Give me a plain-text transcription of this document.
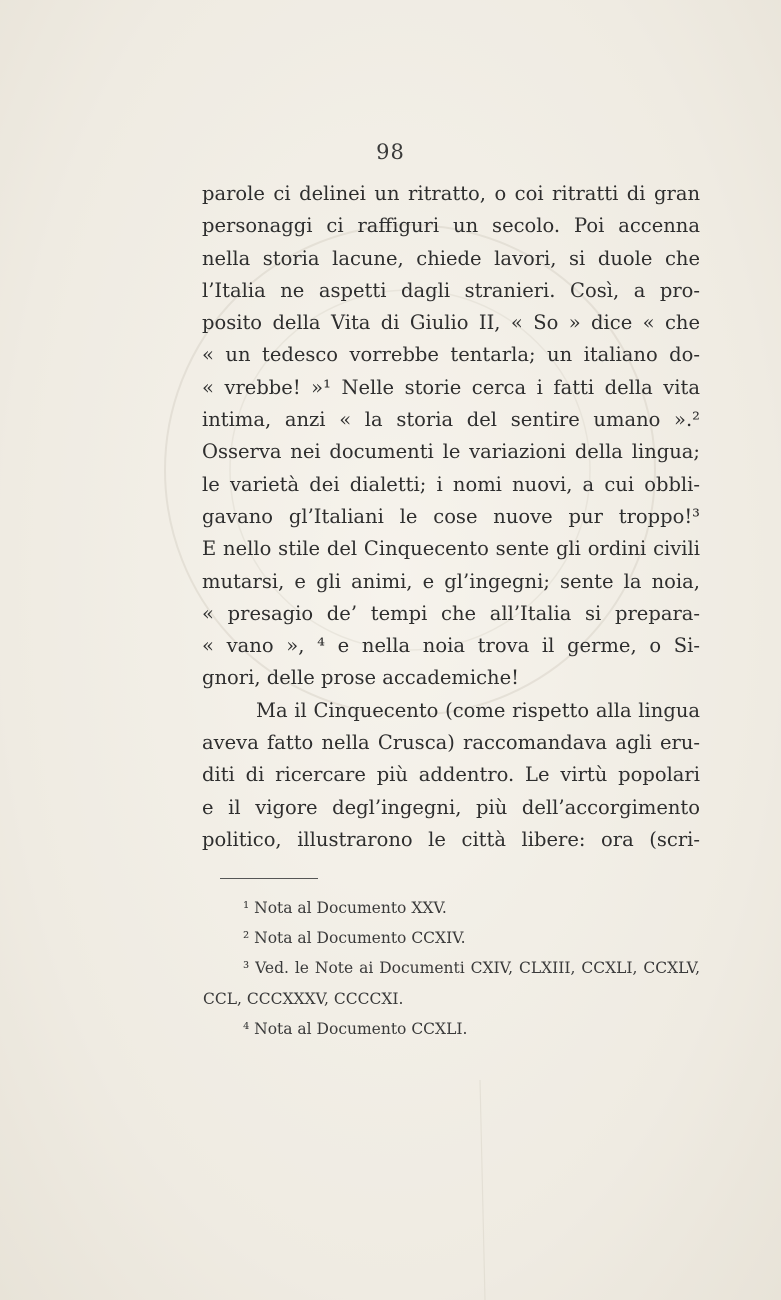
98
parole ci delinei un ritratto, o coi ritratti di gran
personaggi ci raffiguri un secolo. Poi accenna
nella storia lacune, chiede lavori, si duole che
l’Italia ne aspetti dagli stranieri. Così, a pro-
posito della Vita di Giulio II, « So » dice « che
« un tedesco vorrebbe tentarla; un italiano do-
« vrebbe! »¹ Nelle storie cerca i fatti della vita
intima, anzi « la storia del sentire umano ».²
Osserva nei documenti le variazioni della lingua;
le varietà dei dialetti; i nomi nuovi, a cui obbli-
gavano gl’Italiani le cose nuove pur troppo!³
E nello stile del Cinquecento sente gli ordini civili
mutarsi, e gli animi, e gl’ingegni; sente la noia,
« presagio de’ tempi che all’Italia si prepara-
« vano », ⁴ e nella noia trova il germe, o Si-
gnori, delle prose accademiche!
Ma il Cinquecento (come rispetto alla lingua
aveva fatto nella Crusca) raccomandava agli eru-
diti di ricercare più addentro. Le virtù popolari
e il vigore degl’ingegni, più dell’accorgimento
politico, illustrarono le città libere: ora (scri-
¹ Nota al Documento XXV.
² Nota al Documento CCXIV.
³ Ved. le Note ai Documenti CXIV, CLXIII, CCXLI, CCXLV,
CCL, CCCXXXV, CCCCXI.
⁴ Nota al Documento CCXLI.
